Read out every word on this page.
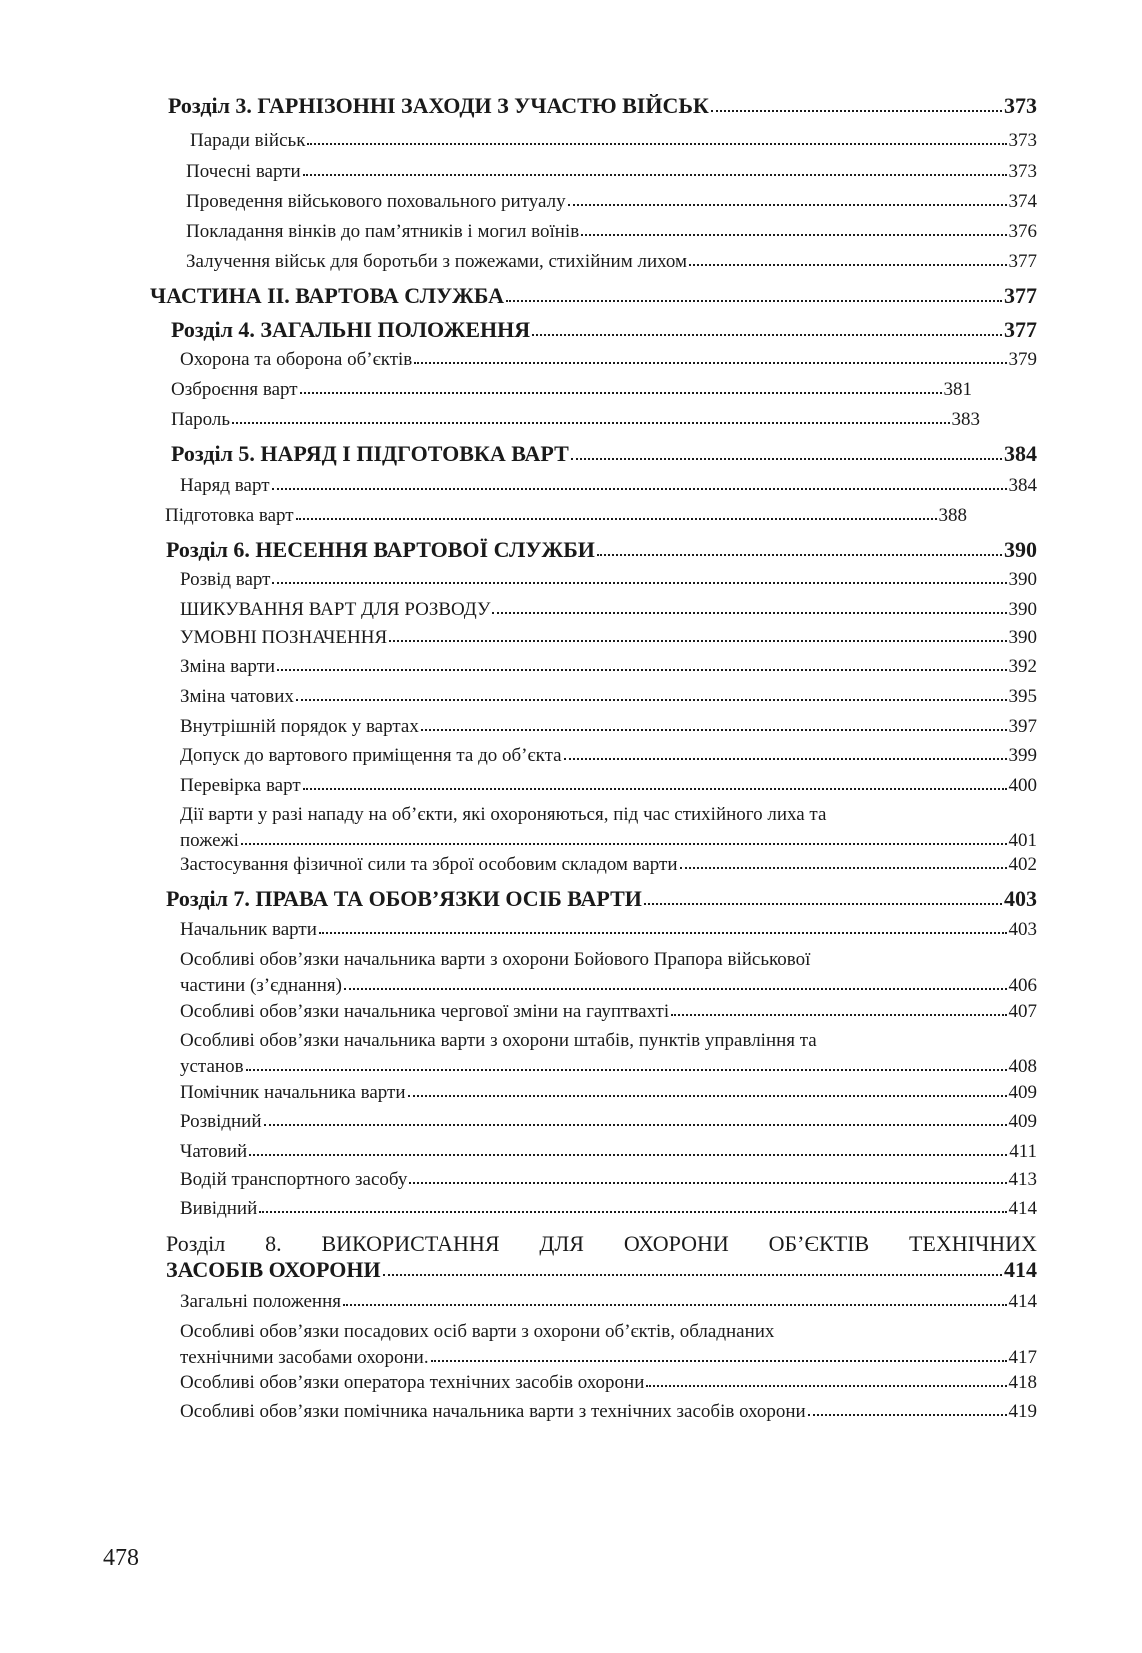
Розділ 3. ГАРНІЗОННІ ЗАХОДИ З УЧАСТЮ ВІЙСЬК	373
Паради військ	373
Почесні варти	373
Проведення військового поховального ритуалу	374
Покладання вінків до пам’ятників і могил воїнів	376
Залучення військ для боротьби з пожежами, стихійним лихом	377
ЧАСТИНА ІІ. ВАРТОВА СЛУЖБА	377
Розділ 4. ЗАГАЛЬНІ ПОЛОЖЕННЯ	377
Охорона та оборона об’єктів	379
Озброєння варт	381
Пароль	383
Розділ 5. НАРЯД І ПІДГОТОВКА ВАРТ	384
Наряд варт	384
Підготовка варт	388
Розділ 6. НЕСЕННЯ ВАРТОВОЇ СЛУЖБИ	390
Розвід варт	390
ШИКУВАННЯ ВАРТ ДЛЯ РОЗВОДУ	390
УМОВНІ ПОЗНАЧЕННЯ	390
Зміна варти	392
Зміна чатових	395
Внутрішній порядок у вартах	397
Допуск до вартового приміщення та до об’єкта	399
Перевірка варт	400
Дії варти у разі нападу на об’єкти, які охороняються, під час стихійного лиха та
пожежі	401
Застосування фізичної сили та зброї особовим складом варти	402
Розділ 7. ПРАВА ТА ОБОВ’ЯЗКИ ОСІБ ВАРТИ	403
Начальник варти	403
Особливі обов’язки начальника варти з охорони Бойового Прапора військової
частини (з’єднання)	406
Особливі обов’язки начальника чергової зміни на гауптвахті	407
Особливі обов’язки начальника варти з охорони штабів, пунктів управління та
установ	408
Помічник начальника варти	409
Розвідний	409
Чатовий	411
Водій транспортного засобу	413
Вивідний	414
Розділ 8. ВИКОРИСТАННЯ ДЛЯ ОХОРОНИ ОБ’ЄКТІВ ТЕХНІЧНИХ
ЗАСОБІВ ОХОРОНИ	414
Загальні положення	414
Особливі обов’язки посадових осіб варти з охорони об’єктів, обладнаних
технічними засобами охорони.	417
Особливі обов’язки оператора технічних засобів охорони	418
Особливі обов’язки помічника начальника варти з технічних засобів охорони	419
478
